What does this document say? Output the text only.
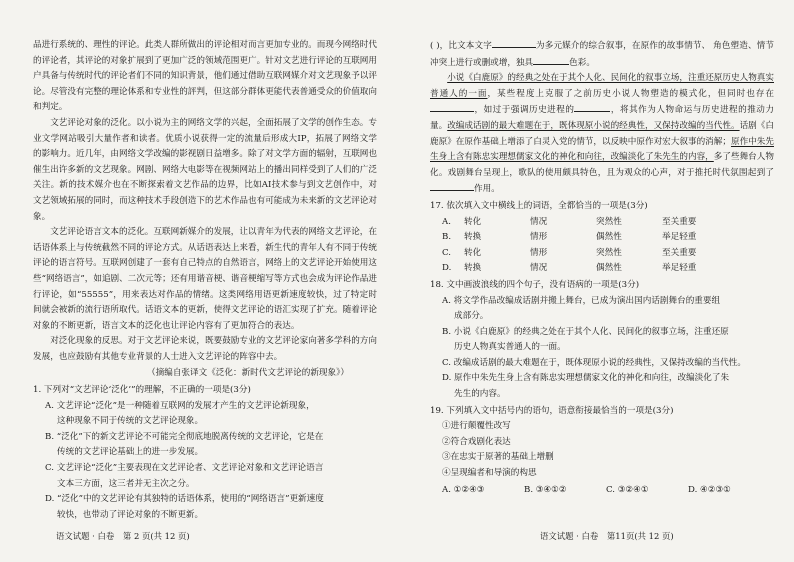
品进行系统的、理性的评论。此类人群所做出的评论相对而言更加专业的。而现今网络时代的评论者，其评论的对象扩展到了更加广泛的领域范围更广。针对文艺进行评论的互联网用户具备与传统时代的评论者们不同的知识背景，他们通过借助互联网媒介对文艺现象予以评论。尽管没有完整的理论体系和专业性的評判，但这部分群体更能代表普通受众的价值取向和判定。

文艺评论对象的泛化。以小说为主的网络文学的兴起，全面拓展了文学的创作生态。专业文学网站吸引大量作者和读者。优质小说获得一定的流量后形成大IP，拓展了网络文学的影响力。近几年，由网络文学改编的影视剧日益增多。除了对文学方面的辐射，互联网也催生出许多新的文艺现象。网剧、网络大电影等在视频网站上的播出同样受到了人们的广泛关注。新的技术媒介也在不断探索着文艺作品的边界，比如AI技术参与到文艺创作中，对文艺领域拓展的同时，而这种技术手段创造下的艺术作品也有可能成为未来新的文艺评论对象。

文艺评论语言文本的泛化。互联网新媒介的发展，让以青年为代表的网络文艺评论，在话语体系上与传统截然不同的评论方式。从话语表达上来看，新生代的青年人有不同于传统评论的语言符号。互联网创建了一套有自己特点的自然语言，网络上的文艺评论开始使用这些“网络语言”，如追剧、二次元等；还有用谐音梗、谐音梗缩写等方式也会成为评论作品进行评论，如“55555”，用来表达对作品的情绪。这类网络用语更新速度较快，过了特定时间就会被新的流行语所取代。话语文本的更新，使得文艺评论的语汇实现了扩充。随着评论对象的不断更新，语言文本的泛化也让评论内容有了更加符合的表达。

对泛化现象的反思。对于文艺评论来说，既要鼓励专业的文艺评论家向著多学科的方向发展，也应鼓励有其他专业背景的人士进入文艺评论的阵容中去。

（摘编自张译文《泛化：新时代文艺评论的新现象》）

1. 下列对“文艺评论‘泛化’”的理解，不正确的一项是(3分)

A. 文艺评论“泛化”是一种随着互联网的发展才产生的文艺评论新现象，

这种现象不同于传统的文艺评论现象。

B. “泛化”下的新文艺评论不可能完全彻底地脱离传统的文艺评论，它是在

传统的文艺评论基础上的进一步发展。

C. 文艺评论“泛化”主要表现在文艺评论者、文艺评论对象和文艺评论语言

文本三方面，这三者并无主次之分。

D. “泛化”中的文艺评论有其独特的话语体系，使用的“网络语言”更新速度

较快，也带动了评论对象的不断更新。

语文试题 · 白卷 第 2 页(共 12 页)

( )，比文本文字	为多元媒介的综合叙事，在原作的故事情节、 角色塑造、情节冲突上进行或删或增，独具	色彩。

小说《白鹿原》的经典之处在于其个人化、民间化的叙事立场，注重还原历史人物真实普通人的一面，某些程度上克服了之前历史小说人物塑造的模式化，但同时也存在，如过于强调历史进程的	，将其作为人物命运与历史进程的推动力量。改编成话剧的最大难题在于，既体现原小说的经典性，又保持改编的当代性。话剧《白鹿原》在原作基础上增添了白灵入党的情节，以反映中原作对宏大叙事的消解；原作中朱先生身上含有陈忠实理想儒家文化的神化和向往，改编淡化了朱先生的内容，多了些舞台人物化。戏剧舞台呈现上，歌队的使用颇具特色，且为观众的心声，对于推托时代氛围起到了作用。

17. 依次填入文中横线上的词语，全都恰当的一项是(3分)

A.	转化	情况	突然性	至关重要
B.	转换	情形	偶然性	举足轻重
C.	转化	情形	突然性	至关重要
D.	转换	情况	偶然性	举足轻重

18. 文中画波浪线的四个句子，没有语病的一项是(3分)

A. 将文学作品改编成话剧并搬上舞台，已成为演出国内话剧舞台的重要组

成部分。

B. 小说《白鹿原》的经典之处在于其个人化、民间化的叙事立场，注重还原

历史人物真实普通人的一面。

C. 改编成话剧的最大难题在于，既体现原小说的经典性，又保持改编的当代性。

D. 原作中朱先生身上含有陈忠实理想儒家文化的神化和向往，改编淡化了朱

先生的内容。

19. 下列填入文中括号内的语句，语意衔接最恰当的一项是(3分)

①进行颠覆性改写

②符合戏剧化表达

③在忠实于原著的基础上增删

④呈现编者和导演的构思

A. ①②④③	B. ③④①②	C. ③②④①	D. ④②③①
语文试题 · 白卷 第11页(共 12 页)
